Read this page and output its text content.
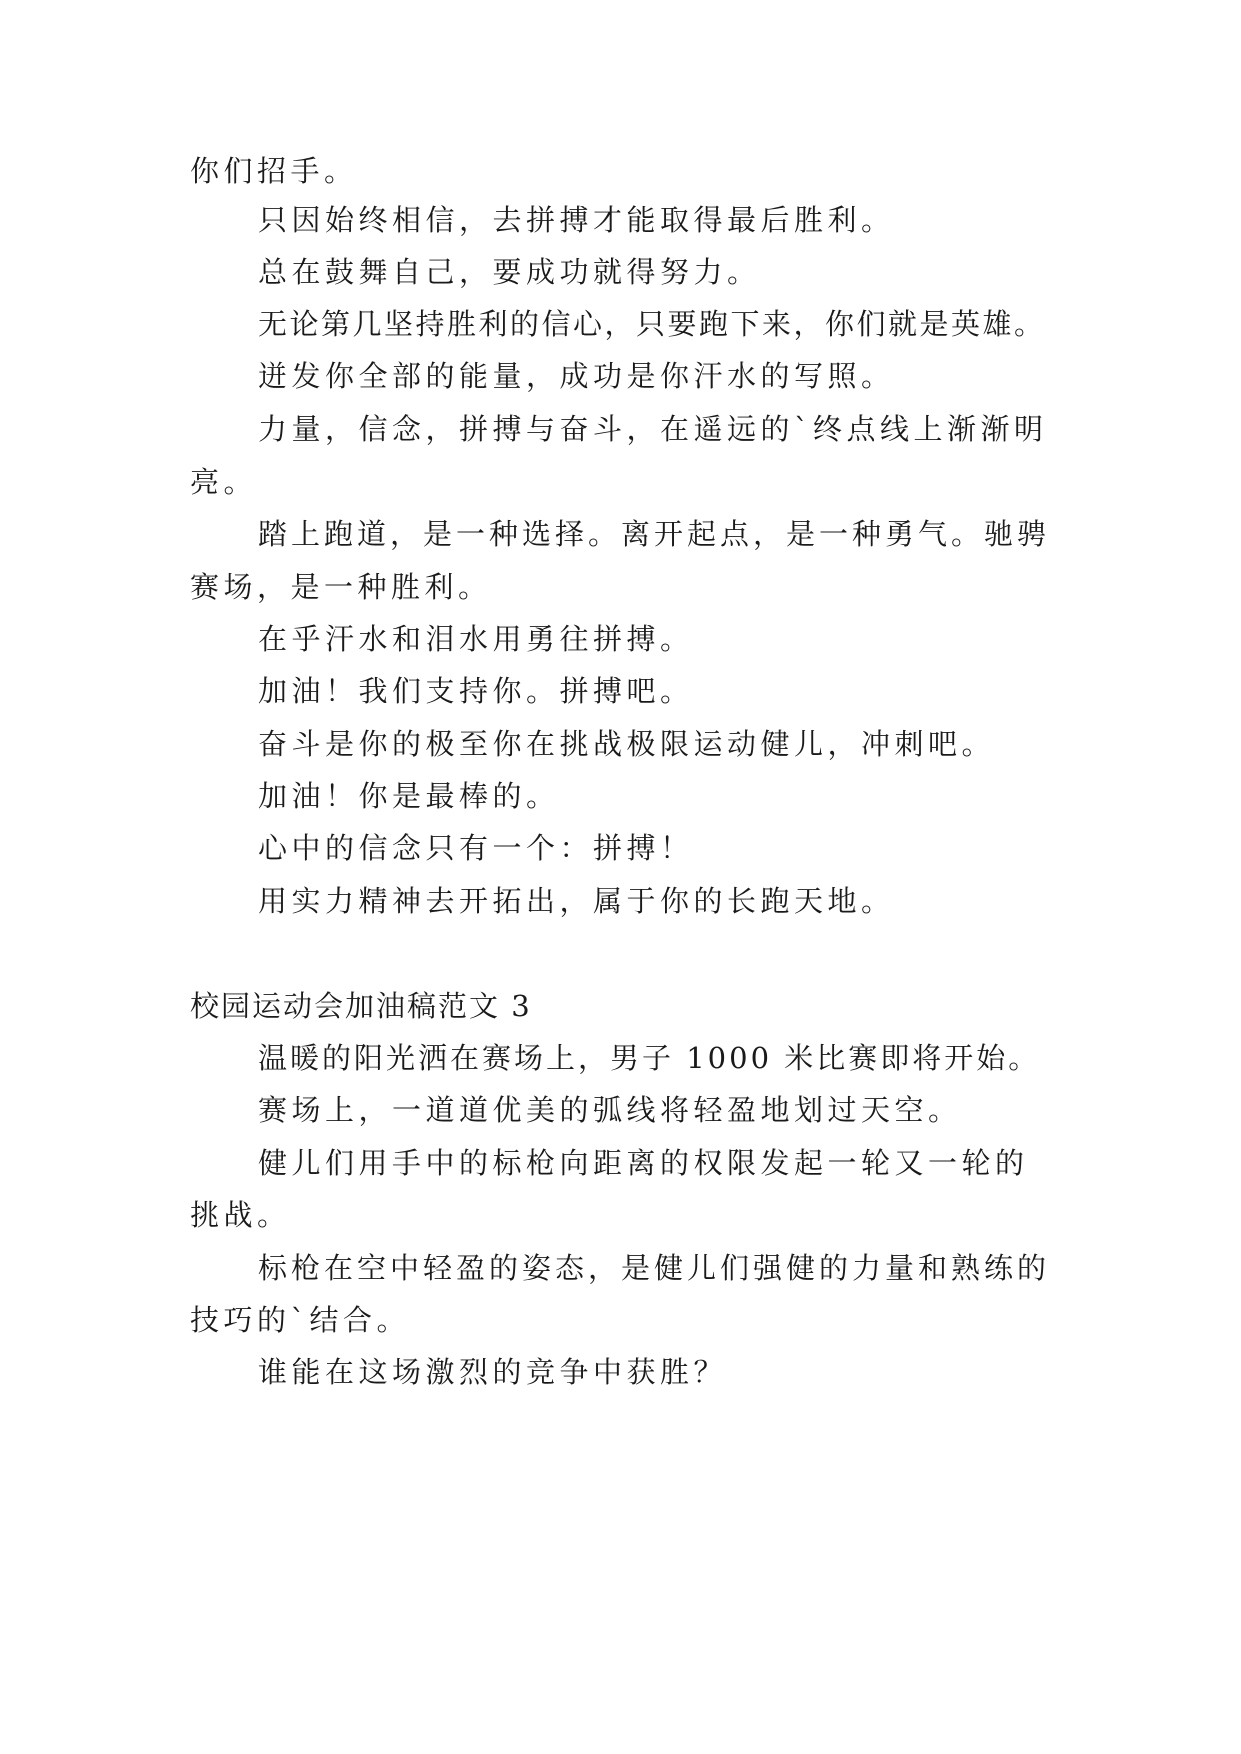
你们招手。
只因始终相信，去拼搏才能取得最后胜利。
总在鼓舞自己，要成功就得努力。
无论第几坚持胜利的信心，只要跑下来，你们就是英雄。
迸发你全部的能量，成功是你汗水的写照。
力量，信念，拼搏与奋斗，在遥远的`终点线上渐渐明
亮。
踏上跑道，是一种选择。离开起点，是一种勇气。驰骋
赛场，是一种胜利。
在乎汗水和泪水用勇往拼搏。
加油！我们支持你。拼搏吧。
奋斗是你的极至你在挑战极限运动健儿，冲刺吧。
加油！你是最棒的。
心中的信念只有一个：拼搏！
用实力精神去开拓出，属于你的长跑天地。
校园运动会加油稿范文 3
温暖的阳光洒在赛场上，男子 1000 米比赛即将开始。
赛场上，一道道优美的弧线将轻盈地划过天空。
健儿们用手中的标枪向距离的权限发起一轮又一轮的
挑战。
标枪在空中轻盈的姿态，是健儿们强健的力量和熟练的
技巧的`结合。
谁能在这场激烈的竞争中获胜？
